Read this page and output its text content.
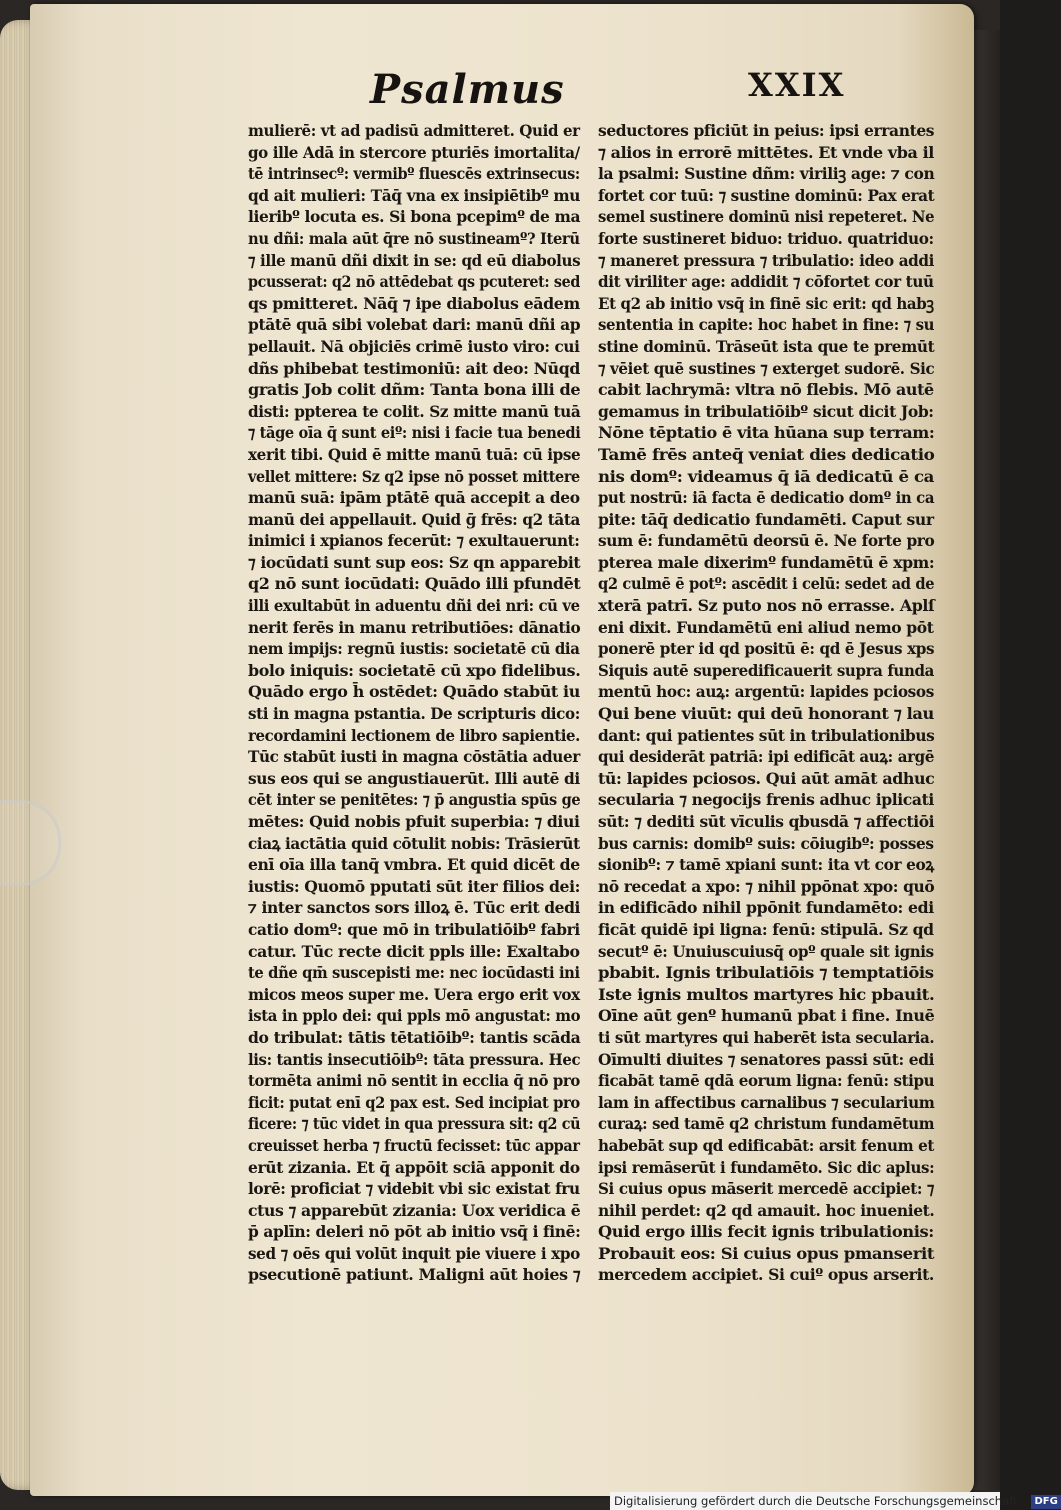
Psalmus	XXIX
mulierē: vt ad padisū admitteret. Quid er
go ille Adā in stercore pturiēs imortalita/
tē intrinsecº: vermibº fluescēs extrinsecus:
qd ait mulieri: Tāq̄ vna ex insipiētibº mu
lieribº locuta es. Si bona pcepimº de ma
nu dñi: mala aūt q̄re nō sustineamº? Iterū
⁊ ille manū dñi dixit in se: qd eū diabolus
pcusserat: q2 nō attēdebat qs pcuteret: sed
qs pmitteret. Nāq̄ ⁊ ipe diabolus eādem
ptātē quā sibi volebat dari: manū dñi ap
pellauit. Nā objiciēs crimē iusto viro: cui
dñs phibebat testimoniū: ait deo: Nūqd
gratis Job colit dñm: Tanta bona illi de
disti: ppterea te colit. Sz mitte manū tuā
⁊ tāge oīa q̄ sunt eiº: nisi i facie tua benedi
xerit tibi. Quid ē mitte manū tuā: cū ipse
vellet mittere: Sz q2 ipse nō posset mittere
manū suā: ipām ptātē quā accepit a deo
manū dei appellauit. Quid ḡ frēs: q2 tāta
inimici i xpianos fecerūt: ⁊ exultauerunt:
⁊ iocūdati sunt sup eos: Sz qn apparebit
q2 nō sunt iocūdati: Quādo illi pfundēt
illi exultabūt in aduentu dñi dei nri: cū ve
nerit ferēs in manu retributiōes: dānatio
nem impijs: regnū iustis: societatē cū dia
bolo iniquis: societatē cū xpo fidelibus.
Quādo ergo h̄ ostēdet: Quādo stabūt iu
sti in magna pstantia. De scripturis dico:
recordamini lectionem de libro sapientie.
Tūc stabūt iusti in magna cōstātia aduer
sus eos qui se angustiauerūt. Illi autē di
cēt inter se penitētes: ⁊ p̄ angustia spūs ge
mētes: Quid nobis pfuit superbia: ⁊ diui
ciaꝝ iactātia quid cōtulit nobis: Trāsierūt
enī oīa illa tanq̄ vmbra. Et quid dicēt de
iustis: Quomō pputati sūt iter filios dei:
⁊ inter sanctos sors illoꝝ ē. Tūc erit dedi
catio domº: que mō in tribulatiōibº fabri
catur. Tūc recte dicit ppls ille: Exaltabo
te dñe qm̄ suscepisti me: nec iocūdasti ini
micos meos super me. Uera ergo erit vox
ista in pplo dei: qui ppls mō angustat: mo
do tribulat: tātis tētatiōibº: tantis scāda
lis: tantis insecutiōibº: tāta pressura. Hec
tormēta animi nō sentit in ecclia q̄ nō pro
ficit: putat enī q2 pax est. Sed incipiat pro
ficere: ⁊ tūc videt in qua pressura sit: q2 cū
creuisset herba ⁊ fructū fecisset: tūc appar
erūt zizania. Et q̄ appōit sciā apponit do
lorē: proficiat ⁊ videbit vbi sic existat fru
ctus ⁊ apparebūt zizania: Uox veridica ē
p̄ aplīn: deleri nō pōt ab initio vsq̄ i finē:
sed ⁊ oēs qui volūt inquit pie viuere i xpo
psecutionē patiunt. Maligni aūt hoies ⁊
seductores pficiūt in peius: ipsi errantes
⁊ alios in errorē mittētes. Et vnde vba il
la psalmi: Sustine dñm: viriliꝫ age: ⁊ con
fortet cor tuū: ⁊ sustine dominū: Pax erat
semel sustinere dominū nisi repeteret. Ne
forte sustineret biduo: triduo. quatriduo:
⁊ maneret pressura ⁊ tribulatio: ideo addi
dit viriliter age: addidit ⁊ cōfortet cor tuū
Et q2 ab initio vsq̄ in finē sic erit: qd habꝫ
sententia in capite: hoc habet in fine: ⁊ su
stine dominū. Trāseūt ista que te premūt
⁊ vēiet quē sustines ⁊ exterget sudorē. Sic
cabit lachrymā: vltra nō flebis. Mō autē
gemamus in tribulatiōibº sicut dicit Job:
Nōne tēptatio ē vita hūana sup terram:
Tamē frēs anteq̄ veniat dies dedicatio
nis domº: videamus q̄ iā dedicatū ē ca
put nostrū: iā facta ē dedicatio domº in ca
pite: tāq̄ dedicatio fundamēti. Caput sur
sum ē: fundamētū deorsū ē. Ne forte pro
pterea male dixerimº fundamētū ē xpm:
q2 culmē ē potº: ascēdit i celū: sedet ad de
xterā patrī. Sz puto nos nō errasse. Aplſ
eni dixit. Fundamētū eni aliud nemo pōt
ponerē pter id qd positū ē: qd ē Jesus xps
Siquis autē superedificauerit supra funda
mentū hoc: auꝝ: argentū: lapides pciosos
Qui bene viuūt: qui deū honorant ⁊ lau
dant: qui patientes sūt in tribulationibus
qui desiderāt patriā: ipi edificāt auꝝ: argē
tū: lapides pciosos. Qui aūt amāt adhuc
secularia ⁊ negocijs frenis adhuc iplicati
sūt: ⁊ dediti sūt vīculis qbusdā ⁊ affectiōi
bus carnis: domibº suis: cōiugibº: posses
sionibº: ⁊ tamē xpiani sunt: ita vt cor eoꝝ
nō recedat a xpo: ⁊ nihil ppōnat xpo: quō
in edificādo nihil ppōnit fundamēto: edi
ficāt quidē ipi ligna: fenū: stipulā. Sz qd
secutº ē: Unuiuscuiusq̄ opº quale sit ignis
pbabit. Ignis tribulatiōis ⁊ temptatiōis
Iste ignis multos martyres hic pbauit.
Oīne aūt genº humanū pbat i fine. Inuē
ti sūt martyres qui haberēt ista secularia.
Oīmulti diuites ⁊ senatores passi sūt: edi
ficabāt tamē qdā eorum ligna: fenū: stipu
lam in affectibus carnalibus ⁊ secularium
curaꝝ: sed tamē q2 christum fundamētum
habebāt sup qd edificabāt: arsit fenum et
ipsi remāserūt i fundamēto. Sic dic aplus:
Si cuius opus māserit mercedē accipiet: ⁊
nihil perdet: q2 qd amauit. hoc inueniet.
Quid ergo illis fecit ignis tribulationis:
Probauit eos: Si cuius opus pmanserit
mercedem accipiet. Si cuiº opus arserit.
Digitalisierung gefördert durch die Deutsche Forschungsgemeinschaft · DFG
